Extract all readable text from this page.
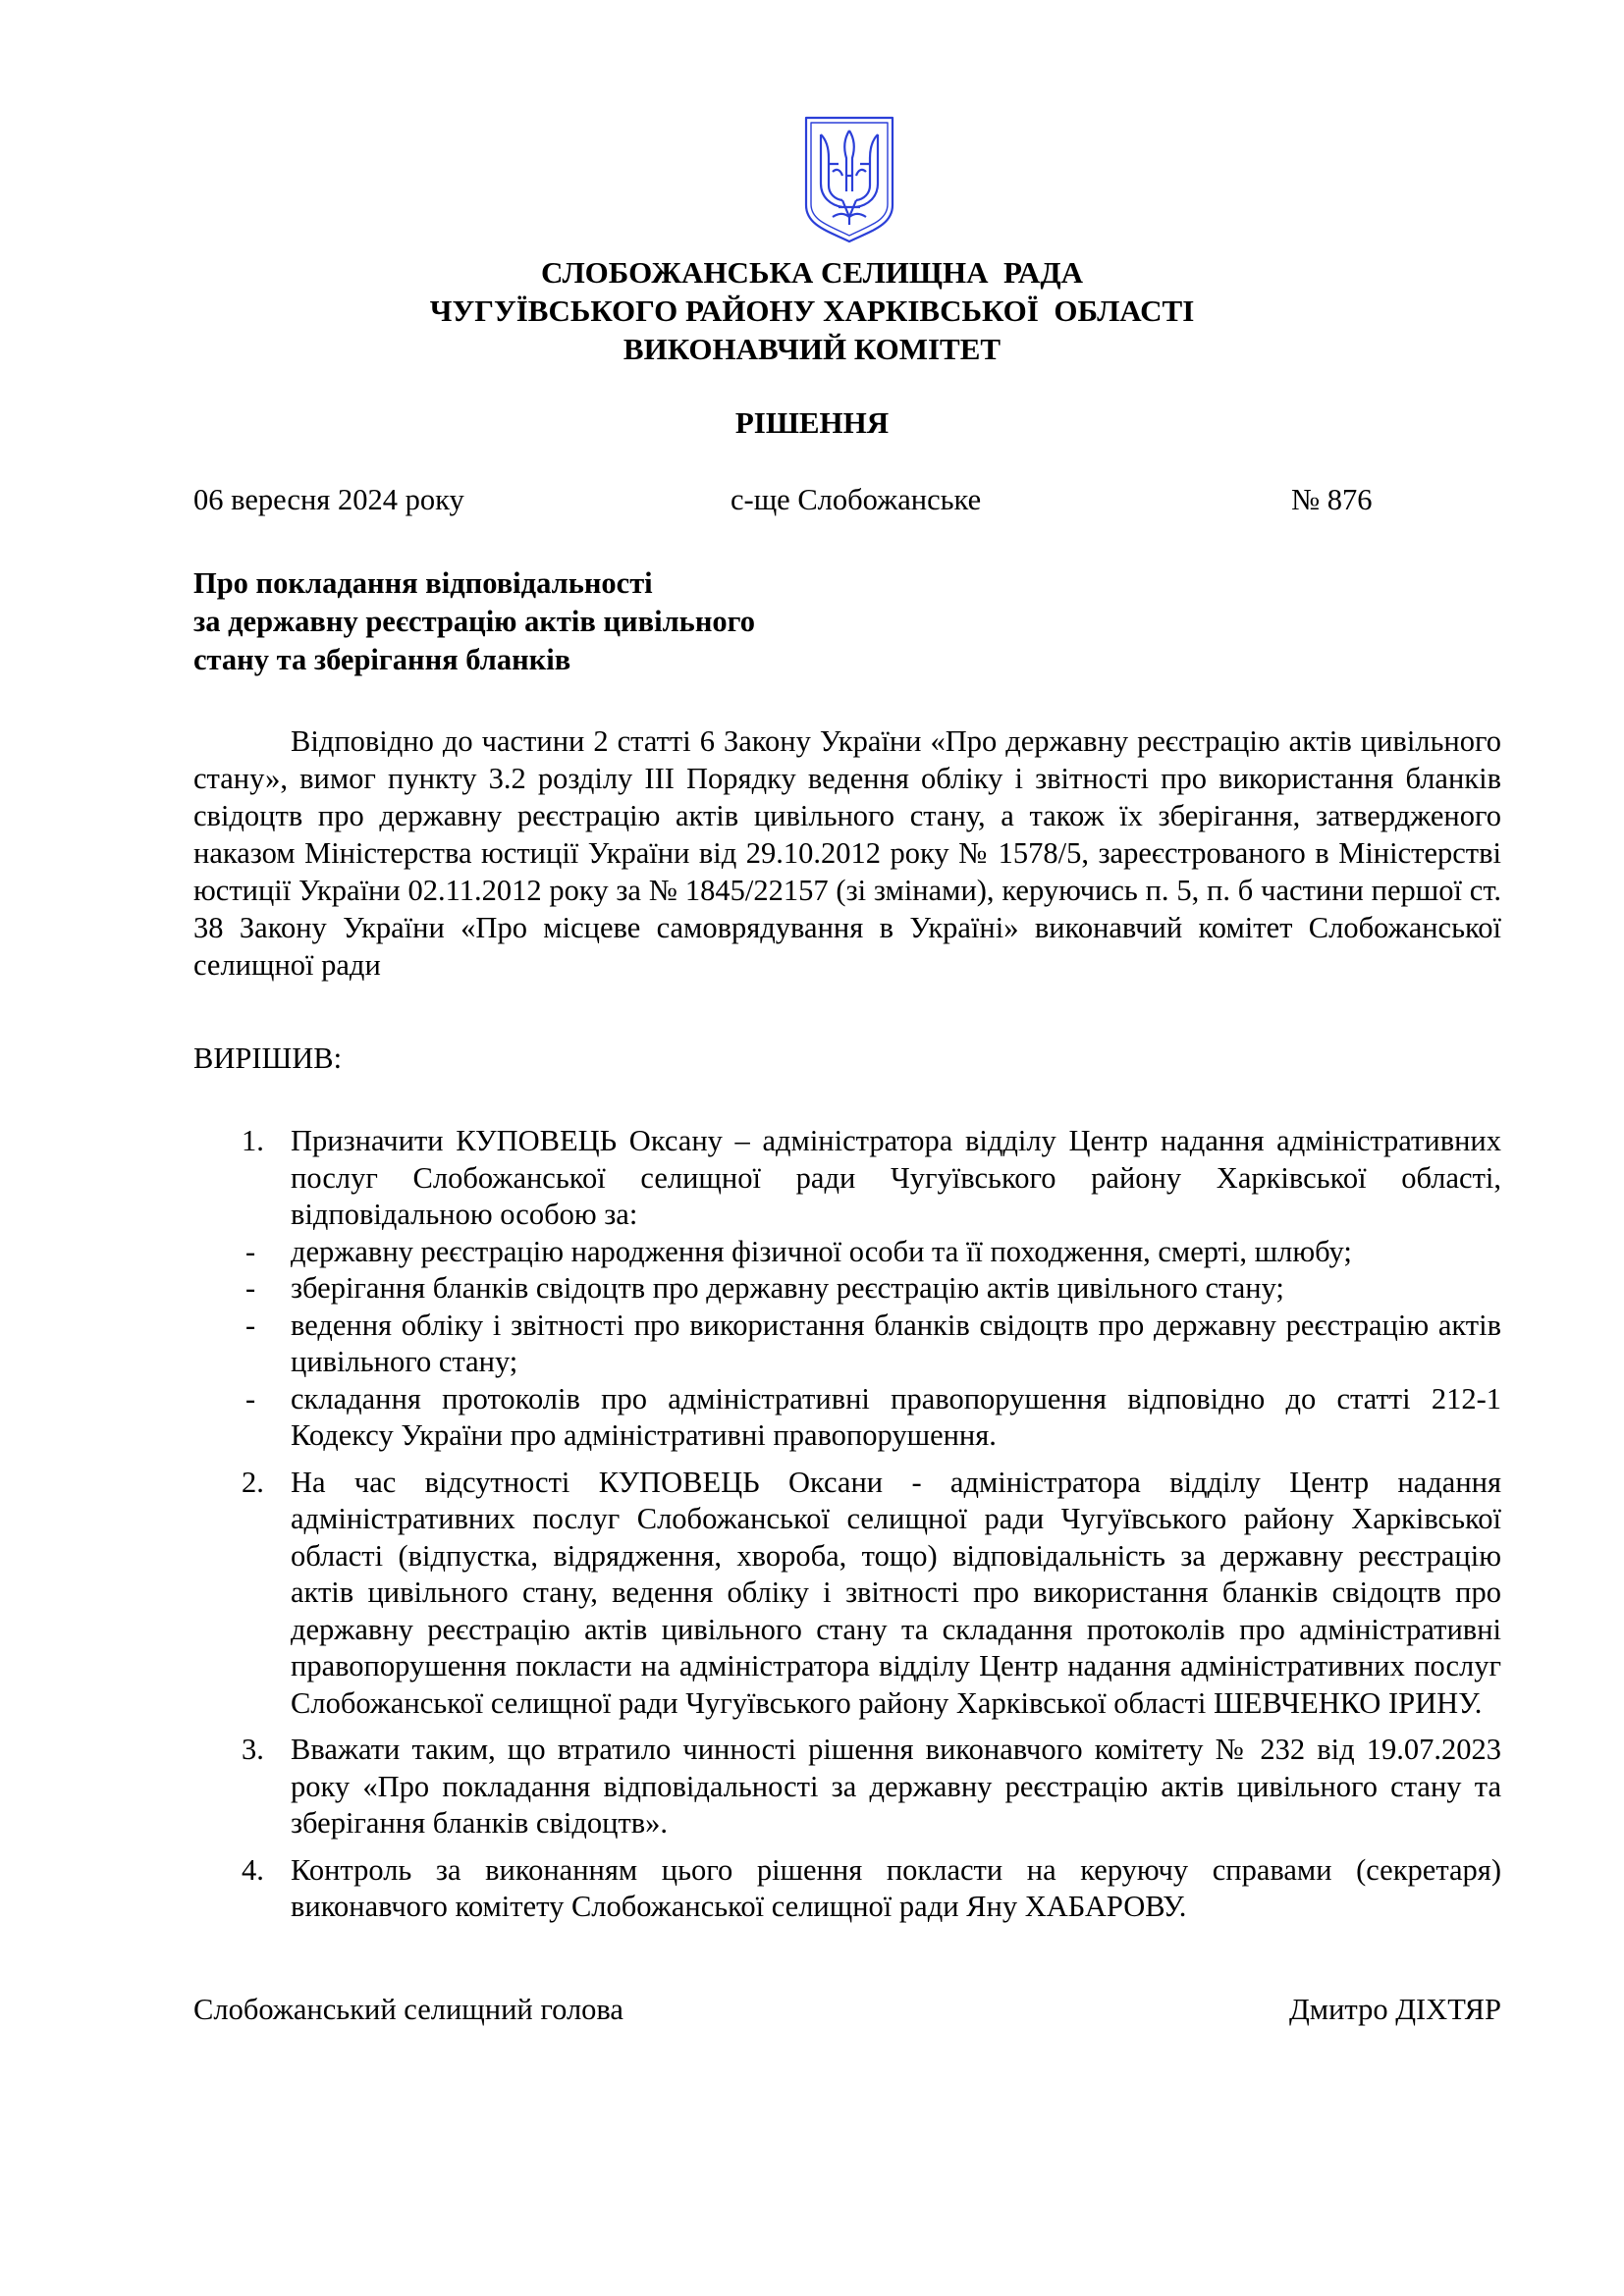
СЛОБОЖАНСЬКА СЕЛИЩНА  РАДА
ЧУГУЇВСЬКОГО РАЙОНУ ХАРКІВСЬКОЇ  ОБЛАСТІ
ВИКОНАВЧИЙ КОМІТЕТ
РІШЕННЯ
06 вересня 2024 року	с-ще Слобожанське	№ 876
Про покладання відповідальності
за державну реєстрацію актів цивільного
стану та зберігання бланків

Відповідно до частини 2 статті 6 Закону України «Про державну реєстрацію актів цивільного стану», вимог пункту 3.2 розділу ІІІ Порядку ведення обліку і звітності про використання бланків свідоцтв про державну реєстрацію актів цивільного стану, а також їх зберігання, затвердженого наказом Міністерства юстиції України від 29.10.2012 року № 1578/5, зареєстрованого в Міністерстві юстиції України 02.11.2012 року за № 1845/22157 (зі змінами), керуючись п. 5, п. б частини першої ст. 38 Закону України «Про місцеве самоврядування в Україні» виконавчий комітет Слобожанської селищної ради

ВИРІШИВ:
1. Призначити КУПОВЕЦЬ Оксану – адміністратора відділу Центр надання адміністративних послуг Слобожанської селищної ради Чугуївського району Харківської області, відповідальною особою за:
- державну реєстрацію народження фізичної особи та її походження, смерті, шлюбу;
- зберігання бланків свідоцтв про державну реєстрацію актів цивільного стану;
- ведення обліку і звітності про використання бланків свідоцтв про державну реєстрацію актів цивільного стану;
- складання протоколів про адміністративні правопорушення відповідно до статті 212-1 Кодексу України про адміністративні правопорушення.
2. На час відсутності КУПОВЕЦЬ Оксани - адміністратора відділу Центр надання адміністративних послуг Слобожанської селищної ради Чугуївського району Харківської області (відпустка, відрядження, хвороба, тощо) відповідальність за державну реєстрацію актів цивільного стану, ведення обліку і звітності про використання бланків свідоцтв про державну реєстрацію актів цивільного стану та складання протоколів про адміністративні правопорушення покласти на адміністратора відділу Центр надання адміністративних послуг Слобожанської селищної ради Чугуївського району Харківської області ШЕВЧЕНКО ІРИНУ.
3. Вважати таким, що втратило чинності рішення виконавчого комітету № 232 від 19.07.2023 року «Про покладання відповідальності за державну реєстрацію актів цивільного стану та зберігання бланків свідоцтв».
4. Контроль за виконанням цього рішення покласти на керуючу справами (секретаря) виконавчого комітету Слобожанської селищної ради Яну ХАБАРОВУ.
Слобожанський селищний голова	Дмитро ДІХТЯР
